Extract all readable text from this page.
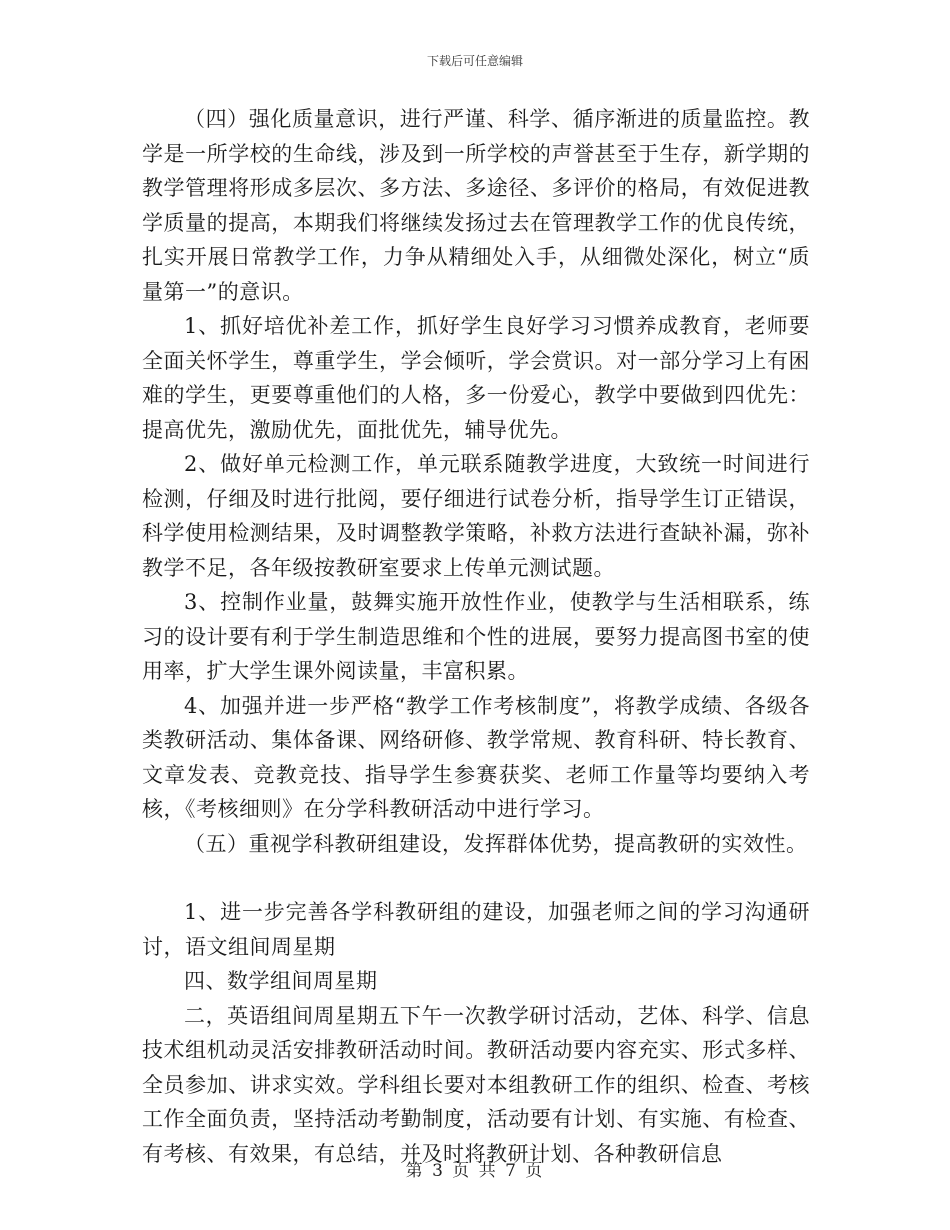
下载后可任意编辑

（四）强化质量意识，进行严谨、科学、循序渐进的质量监控。教学是一所学校的生命线，涉及到一所学校的声誉甚至于生存，新学期的教学管理将形成多层次、多方法、多途径、多评价的格局，有效促进教学质量的提高，本期我们将继续发扬过去在管理教学工作的优良传统，扎实开展日常教学工作，力争从精细处入手，从细微处深化，树立“质量第一”的意识。

1、抓好培优补差工作，抓好学生良好学习习惯养成教育，老师要全面关怀学生，尊重学生，学会倾听，学会赏识。对一部分学习上有困难的学生，更要尊重他们的人格，多一份爱心，教学中要做到四优先：提高优先，激励优先，面批优先，辅导优先。

2、做好单元检测工作，单元联系随教学进度，大致统一时间进行检测，仔细及时进行批阅，要仔细进行试卷分析，指导学生订正错误，科学使用检测结果，及时调整教学策略，补救方法进行查缺补漏，弥补教学不足，各年级按教研室要求上传单元测试题。

3、控制作业量，鼓舞实施开放性作业，使教学与生活相联系，练习的设计要有利于学生制造思维和个性的进展，要努力提高图书室的使用率，扩大学生课外阅读量，丰富积累。

4、加强并进一步严格“教学工作考核制度”，将教学成绩、各级各类教研活动、集体备课、网络研修、教学常规、教育科研、特长教育、文章发表、竞教竞技、指导学生参赛获奖、老师工作量等均要纳入考核，《考核细则》在分学科教研活动中进行学习。

（五）重视学科教研组建设，发挥群体优势，提高教研的实效性。

1、进一步完善各学科教研组的建设，加强老师之间的学习沟通研讨，语文组间周星期

四、数学组间周星期

二，英语组间周星期五下午一次教学研讨活动，艺体、科学、信息技术组机动灵活安排教研活动时间。教研活动要内容充实、形式多样、全员参加、讲求实效。学科组长要对本组教研工作的组织、检查、考核工作全面负责，坚持活动考勤制度，活动要有计划、有实施、有检查、有考核、有效果，有总结，并及时将教研计划、各种教研信息

第 3 页 共 7 页
